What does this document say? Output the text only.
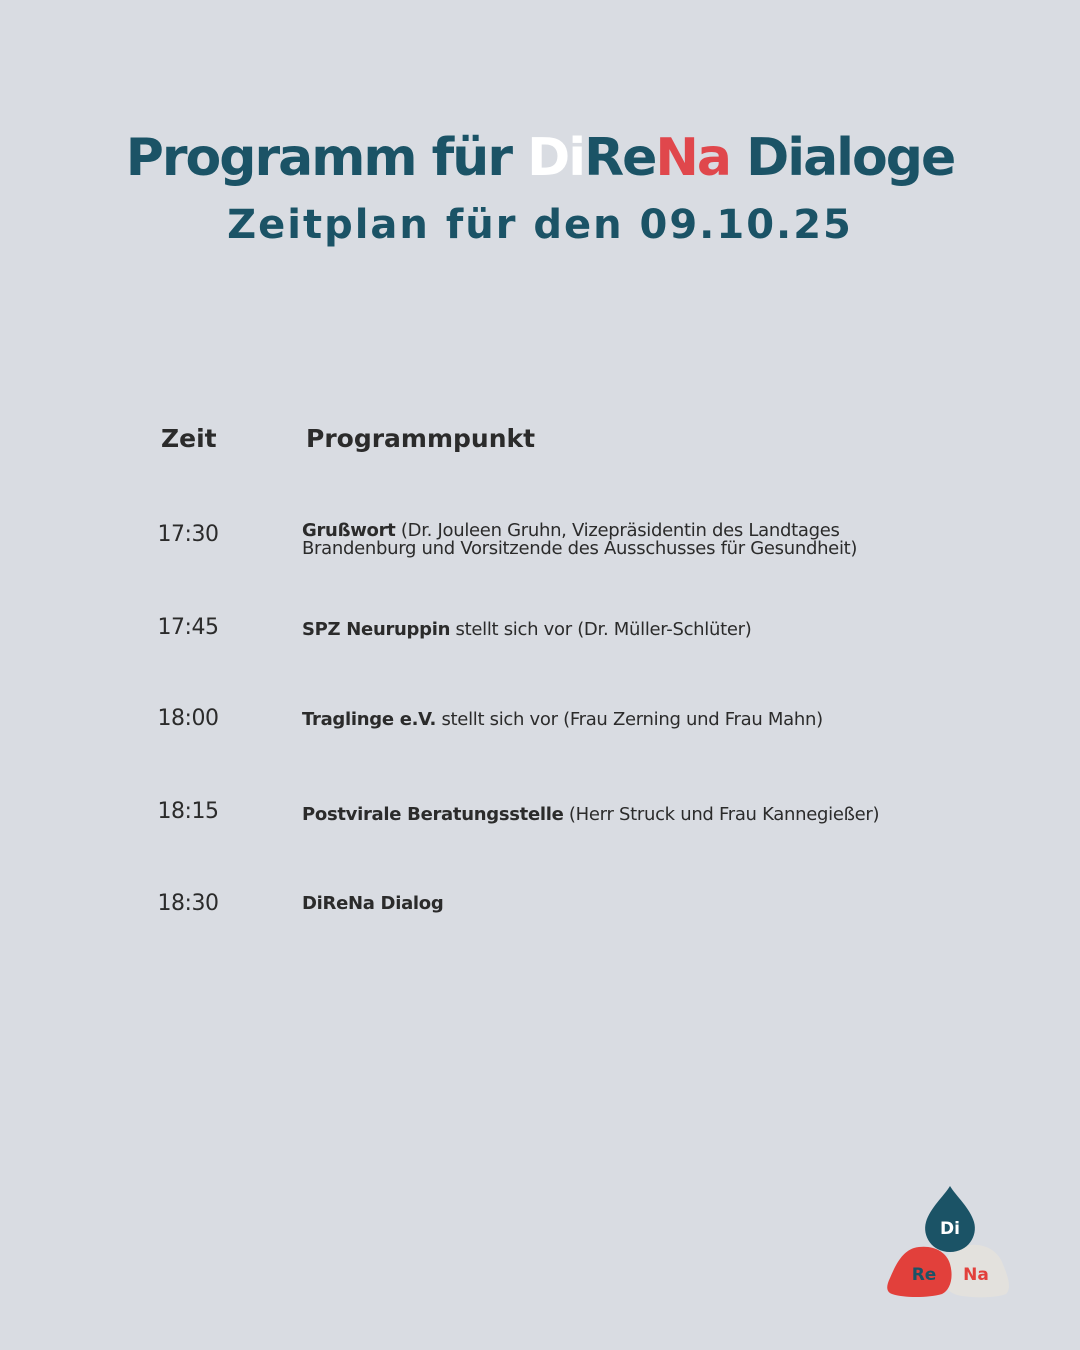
Programm für DiReNa Dialoge
Zeitplan für den 09.10.25
Zeit	Programmpunkt
17:30	Grußwort (Dr. Jouleen Gruhn, Vizepräsidentin des Landtages
Brandenburg und Vorsitzende des Ausschusses für Gesundheit)
17:45	SPZ Neuruppin stellt sich vor (Dr. Müller-Schlüter)
18:00	Traglinge e.V. stellt sich vor (Frau Zerning und Frau Mahn)
18:15	Postvirale Beratungsstelle (Herr Struck und Frau Kannegießer)
18:30	DiReNa Dialog
Di
Re Na
